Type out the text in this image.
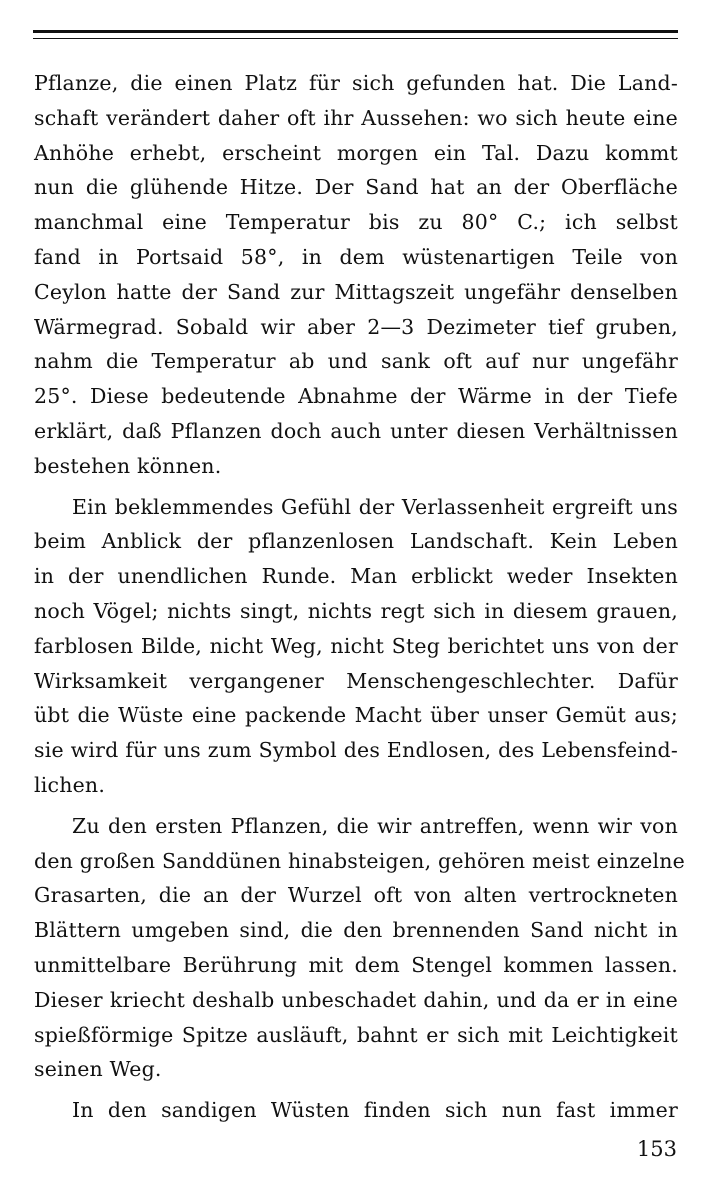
Pflanze, die einen Platz für sich gefunden hat. Die Land-
schaft verändert daher oft ihr Aussehen: wo sich heute eine
Anhöhe erhebt, erscheint morgen ein Tal. Dazu kommt
nun die glühende Hitze. Der Sand hat an der Oberfläche
manchmal eine Temperatur bis zu 80° C.; ich selbst
fand in Portsaid 58°, in dem wüstenartigen Teile von
Ceylon hatte der Sand zur Mittagszeit ungefähr denselben
Wärmegrad. Sobald wir aber 2—3 Dezimeter tief gruben,
nahm die Temperatur ab und sank oft auf nur ungefähr
25°. Diese bedeutende Abnahme der Wärme in der Tiefe
erklärt, daß Pflanzen doch auch unter diesen Verhältnissen
bestehen können.
Ein beklemmendes Gefühl der Verlassenheit ergreift uns
beim Anblick der pflanzenlosen Landschaft. Kein Leben
in der unendlichen Runde. Man erblickt weder Insekten
noch Vögel; nichts singt, nichts regt sich in diesem grauen,
farblosen Bilde, nicht Weg, nicht Steg berichtet uns von der
Wirksamkeit vergangener Menschengeschlechter. Dafür
übt die Wüste eine packende Macht über unser Gemüt aus;
sie wird für uns zum Symbol des Endlosen, des Lebensfeind-
lichen.
Zu den ersten Pflanzen, die wir antreffen, wenn wir von
den großen Sanddünen hinabsteigen, gehören meist einzelne
Grasarten, die an der Wurzel oft von alten vertrockneten
Blättern umgeben sind, die den brennenden Sand nicht in
unmittelbare Berührung mit dem Stengel kommen lassen.
Dieser kriecht deshalb unbeschadet dahin, und da er in eine
spießförmige Spitze ausläuft, bahnt er sich mit Leichtigkeit
seinen Weg.
In den sandigen Wüsten finden sich nun fast immer
153
